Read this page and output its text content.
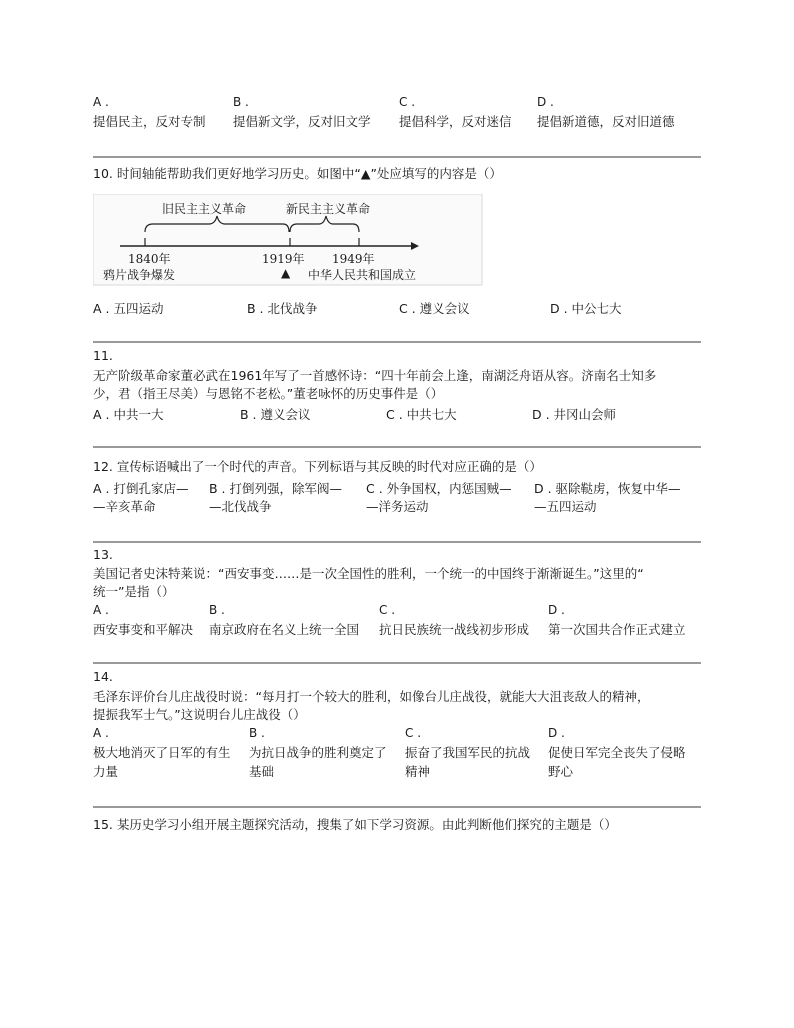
A .
提倡民主，反对专制
B .
提倡新文学，反对旧文学
C .
提倡科学，反对迷信
D .
提倡新道德，反对旧道德
10. 时间轴能帮助我们更好地学习历史。如图中“▲”处应填写的内容是（）
旧民主主义革命	新民主主义革命
1840年	1919年 1949年
鸦片战争爆发	▲ 中华人民共和国成立
A . 五四运动	B . 北伐战争	C . 遵义会议	D . 中公七大
11.
无产阶级革命家董必武在1961年写了一首感怀诗：“四十年前会上逢，南湖泛舟语从容。济南名士知多
少，君（指王尽美）与恩铭不老松。”董老咏怀的历史事件是（）
A . 中共一大	B . 遵义会议	C . 中共七大	D . 井冈山会师
12. 宣传标语喊出了一个时代的声音。下列标语与其反映的时代对应正确的是（）
A . 打倒孔家店—
—辛亥革命
B . 打倒列强，除军阀—
—北伐战争
C . 外争国权，内惩国贼—
—洋务运动
D . 驱除鞑虏，恢复中华—
—五四运动
13.
美国记者史沫特莱说：“西安事变……是一次全国性的胜利，一个统一的中国终于渐渐诞生。”这里的“
统一”是指（）
A .
西安事变和平解决
B .
南京政府在名义上统一全国
C .
抗日民族统一战线初步形成
D .
第一次国共合作正式建立
14.
毛泽东评价台儿庄战役时说：“每月打一个较大的胜利，如像台儿庄战役，就能大大沮丧敌人的精神，
提振我军士气。”这说明台儿庄战役（）
A .
极大地消灭了日军的有生
力量
B .
为抗日战争的胜利奠定了
基础
C .
振奋了我国军民的抗战
精神
D .
促使日军完全丧失了侵略
野心
15. 某历史学习小组开展主题探究活动，搜集了如下学习资源。由此判断他们探究的主题是（）
